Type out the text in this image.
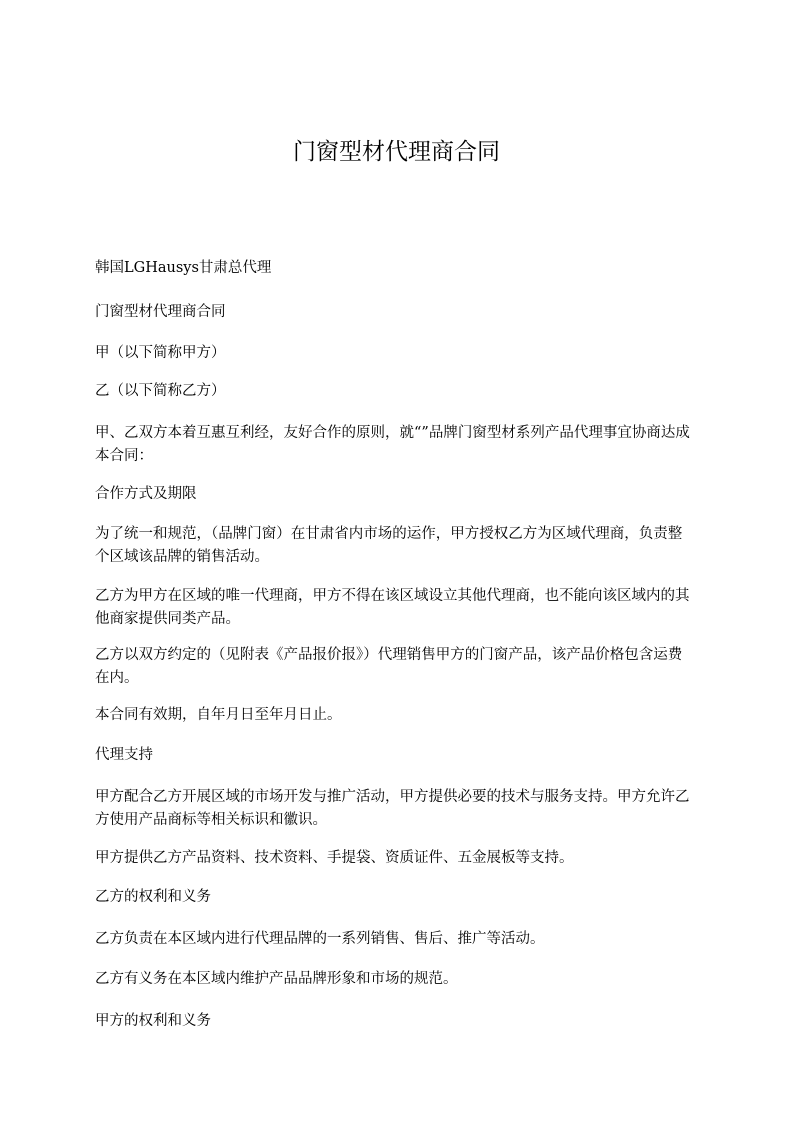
门窗型材代理商合同

韩国LGHausys甘肃总代理

门窗型材代理商合同

甲（以下简称甲方）

乙（以下简称乙方）

甲、乙双方本着互惠互利经，友好合作的原则，就“”品牌门窗型材系列产品代理事宜协商达成本合同：

合作方式及期限

为了统一和规范，（品牌门窗）在甘肃省内市场的运作，甲方授权乙方为区域代理商，负责整个区域该品牌的销售活动。

乙方为甲方在区域的唯一代理商，甲方不得在该区域设立其他代理商，也不能向该区域内的其他商家提供同类产品。

乙方以双方约定的（见附表《产品报价报》）代理销售甲方的门窗产品，该产品价格包含运费在内。

本合同有效期，自年月日至年月日止。

代理支持

甲方配合乙方开展区域的市场开发与推广活动，甲方提供必要的技术与服务支持。甲方允许乙方使用产品商标等相关标识和徽识。

甲方提供乙方产品资料、技术资料、手提袋、资质证件、五金展板等支持。

乙方的权利和义务

乙方负责在本区域内进行代理品牌的一系列销售、售后、推广等活动。

乙方有义务在本区域内维护产品品牌形象和市场的规范。

甲方的权利和义务
